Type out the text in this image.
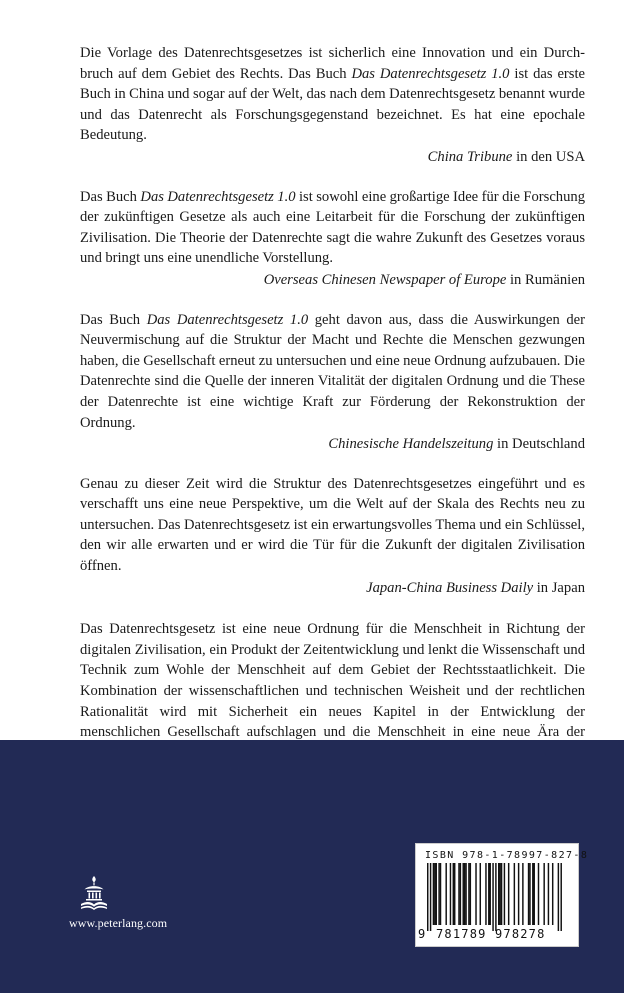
Die Vorlage des Datenrechtsgesetzes ist sicherlich eine Innovation und ein Durchbruch auf dem Gebiet des Rechts. Das Buch Das Datenrechtsgesetz 1.0 ist das erste Buch in China und sogar auf der Welt, das nach dem Datenrechtsgesetz benannt wurde und das Datenrecht als Forschungsgegenstand bezeichnet. Es hat eine epochale Bedeutung.

China Tribune in den USA

Das Buch Das Datenrechtsgesetz 1.0 ist sowohl eine großartige Idee für die Forschung der zukünftigen Gesetze als auch eine Leitarbeit für die Forschung der zukünftigen Zivilisation. Die Theorie der Datenrechte sagt die wahre Zukunft des Gesetzes voraus und bringt uns eine unendliche Vorstellung.

Overseas Chinesen Newspaper of Europe in Rumänien

Das Buch Das Datenrechtsgesetz 1.0 geht davon aus, dass die Auswirkungen der Neuvermischung auf die Struktur der Macht und Rechte die Menschen gezwungen haben, die Gesellschaft erneut zu untersuchen und eine neue Ordnung aufzubauen. Die Datenrechte sind die Quelle der inneren Vitalität der digitalen Ordnung und die These der Datenrechte ist eine wichtige Kraft zur Förderung der Rekonstruktion der Ordnung.

Chinesische Handelszeitung in Deutschland

Genau zu dieser Zeit wird die Struktur des Datenrechtsgesetzes eingeführt und es verschafft uns eine neue Perspektive, um die Welt auf der Skala des Rechts neu zu untersuchen. Das Datenrechtsgesetz ist ein erwartungsvolles Thema und ein Schlüssel, den wir alle erwarten und er wird die Tür für die Zukunft der digitalen Zivilisation öffnen.

Japan-China Business Daily in Japan

Das Datenrechtsgesetz ist eine neue Ordnung für die Menschheit in Richtung der digitalen Zivilisation, ein Produkt der Zeitentwicklung und lenkt die Wissenschaft und Technik zum Wohle der Menschheit auf dem Gebiet der Rechtsstaatlichkeit. Die Kombination der wissenschaftlichen und technischen Weisheit und der rechtlichen Rationalität wird mit Sicherheit ein neues Kapitel in der Entwicklung der menschlichen Gesellschaft aufschlagen und die Menschheit in eine neue Ära der

www.peterlang.com
ISBN 978-1-78997-827-8
9 781789 978278
